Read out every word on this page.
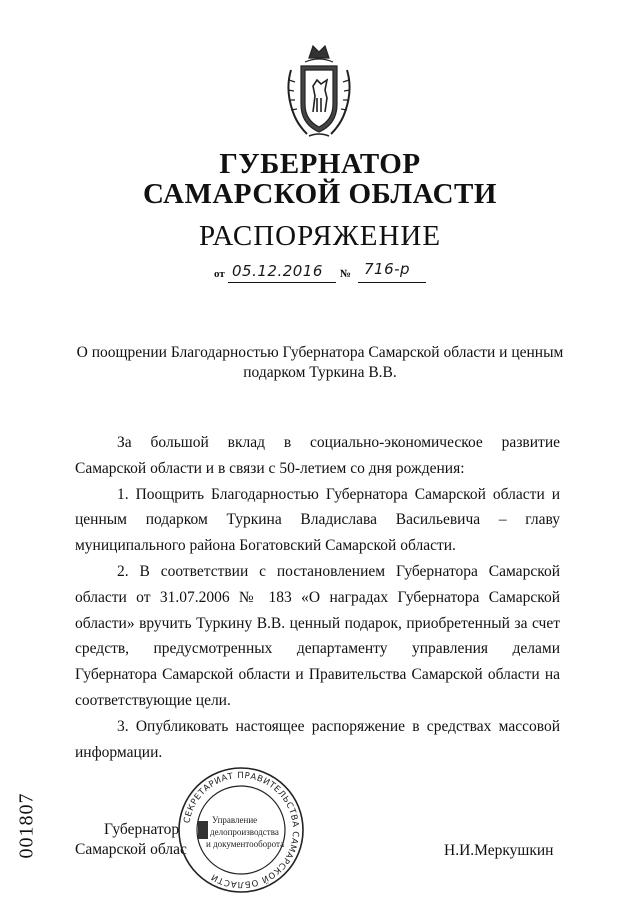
ГУБЕРНАТОР
САМАРСКОЙ ОБЛАСТИ
РАСПОРЯЖЕНИЕ
от 05.12.2016 № 716-р
О поощрении Благодарностью Губернатора Самарской области и ценным подарком Туркина В.В.

За большой вклад в социально-экономическое развитие Самарской области и в связи с 50-летием со дня рождения:

1. Поощрить Благодарностью Губернатора Самарской области и ценным подарком Туркина Владислава Васильевича – главу муниципального района Богатовский Самарской области.

2. В соответствии с постановлением Губернатора Самарской области от 31.07.2006 № 183 «О наградах Губернатора Самарской области» вручить Туркину В.В. ценный подарок, приобретенный за счет средств, предусмотренных департаменту управления делами Губернатора Самарской области и Правительства Самарской области на соответствующие цели.

3. Опубликовать настоящее распоряжение в средствах массовой информации.

Губернатор
Самарской облас	Н.И.Меркушкин
СЕКРЕТАРИАТ ПРАВИТЕЛЬСТВА САМАРСКОЙ ОБЛАСТИ
Управление
делопроизводства
и документооборота
001807
